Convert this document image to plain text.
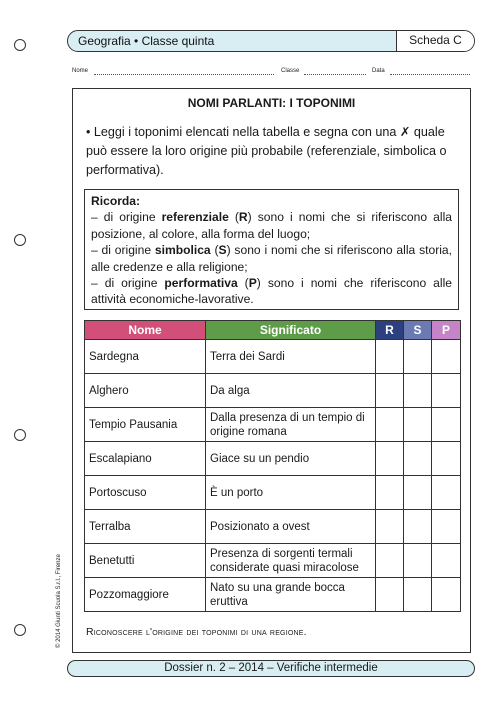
Geografia • Classe quinta	Scheda C
Nome	Classe	Data
NOMI PARLANTI: I TOPONIMI
• Leggi i toponimi elencati nella tabella e segna con una ✗ quale può essere la loro origine più probabile (referenziale, simbolica o performativa).
Ricorda:
– di origine referenziale (R) sono i nomi che si riferiscono alla posizione, al colore, alla forma del luogo;
– di origine simbolica (S) sono i nomi che si riferiscono alla storia, alle credenze e alla religione;
– di origine performativa (P) sono i nomi che riferiscono alle attività economiche-lavorative.
Nome	Significato	R	S	P
Sardegna	Terra dei Sardi			
Alghero	Da alga			
Tempio Pausania	Dalla presenza di un tempio di origine romana			
Escalapiano	Giace su un pendio			
Portoscuso	È un porto			
Terralba	Posizionato a ovest			
Benetutti	Presenza di sorgenti termali considerate quasi miracolose			
Pozzomaggiore	Nato su una grande bocca eruttiva			
Riconoscere l'origine dei toponimi di una regione.
© 2014 Giunti Scuola S.r.l., Firenze
Dossier n. 2 – 2014 – Verifiche intermedie
